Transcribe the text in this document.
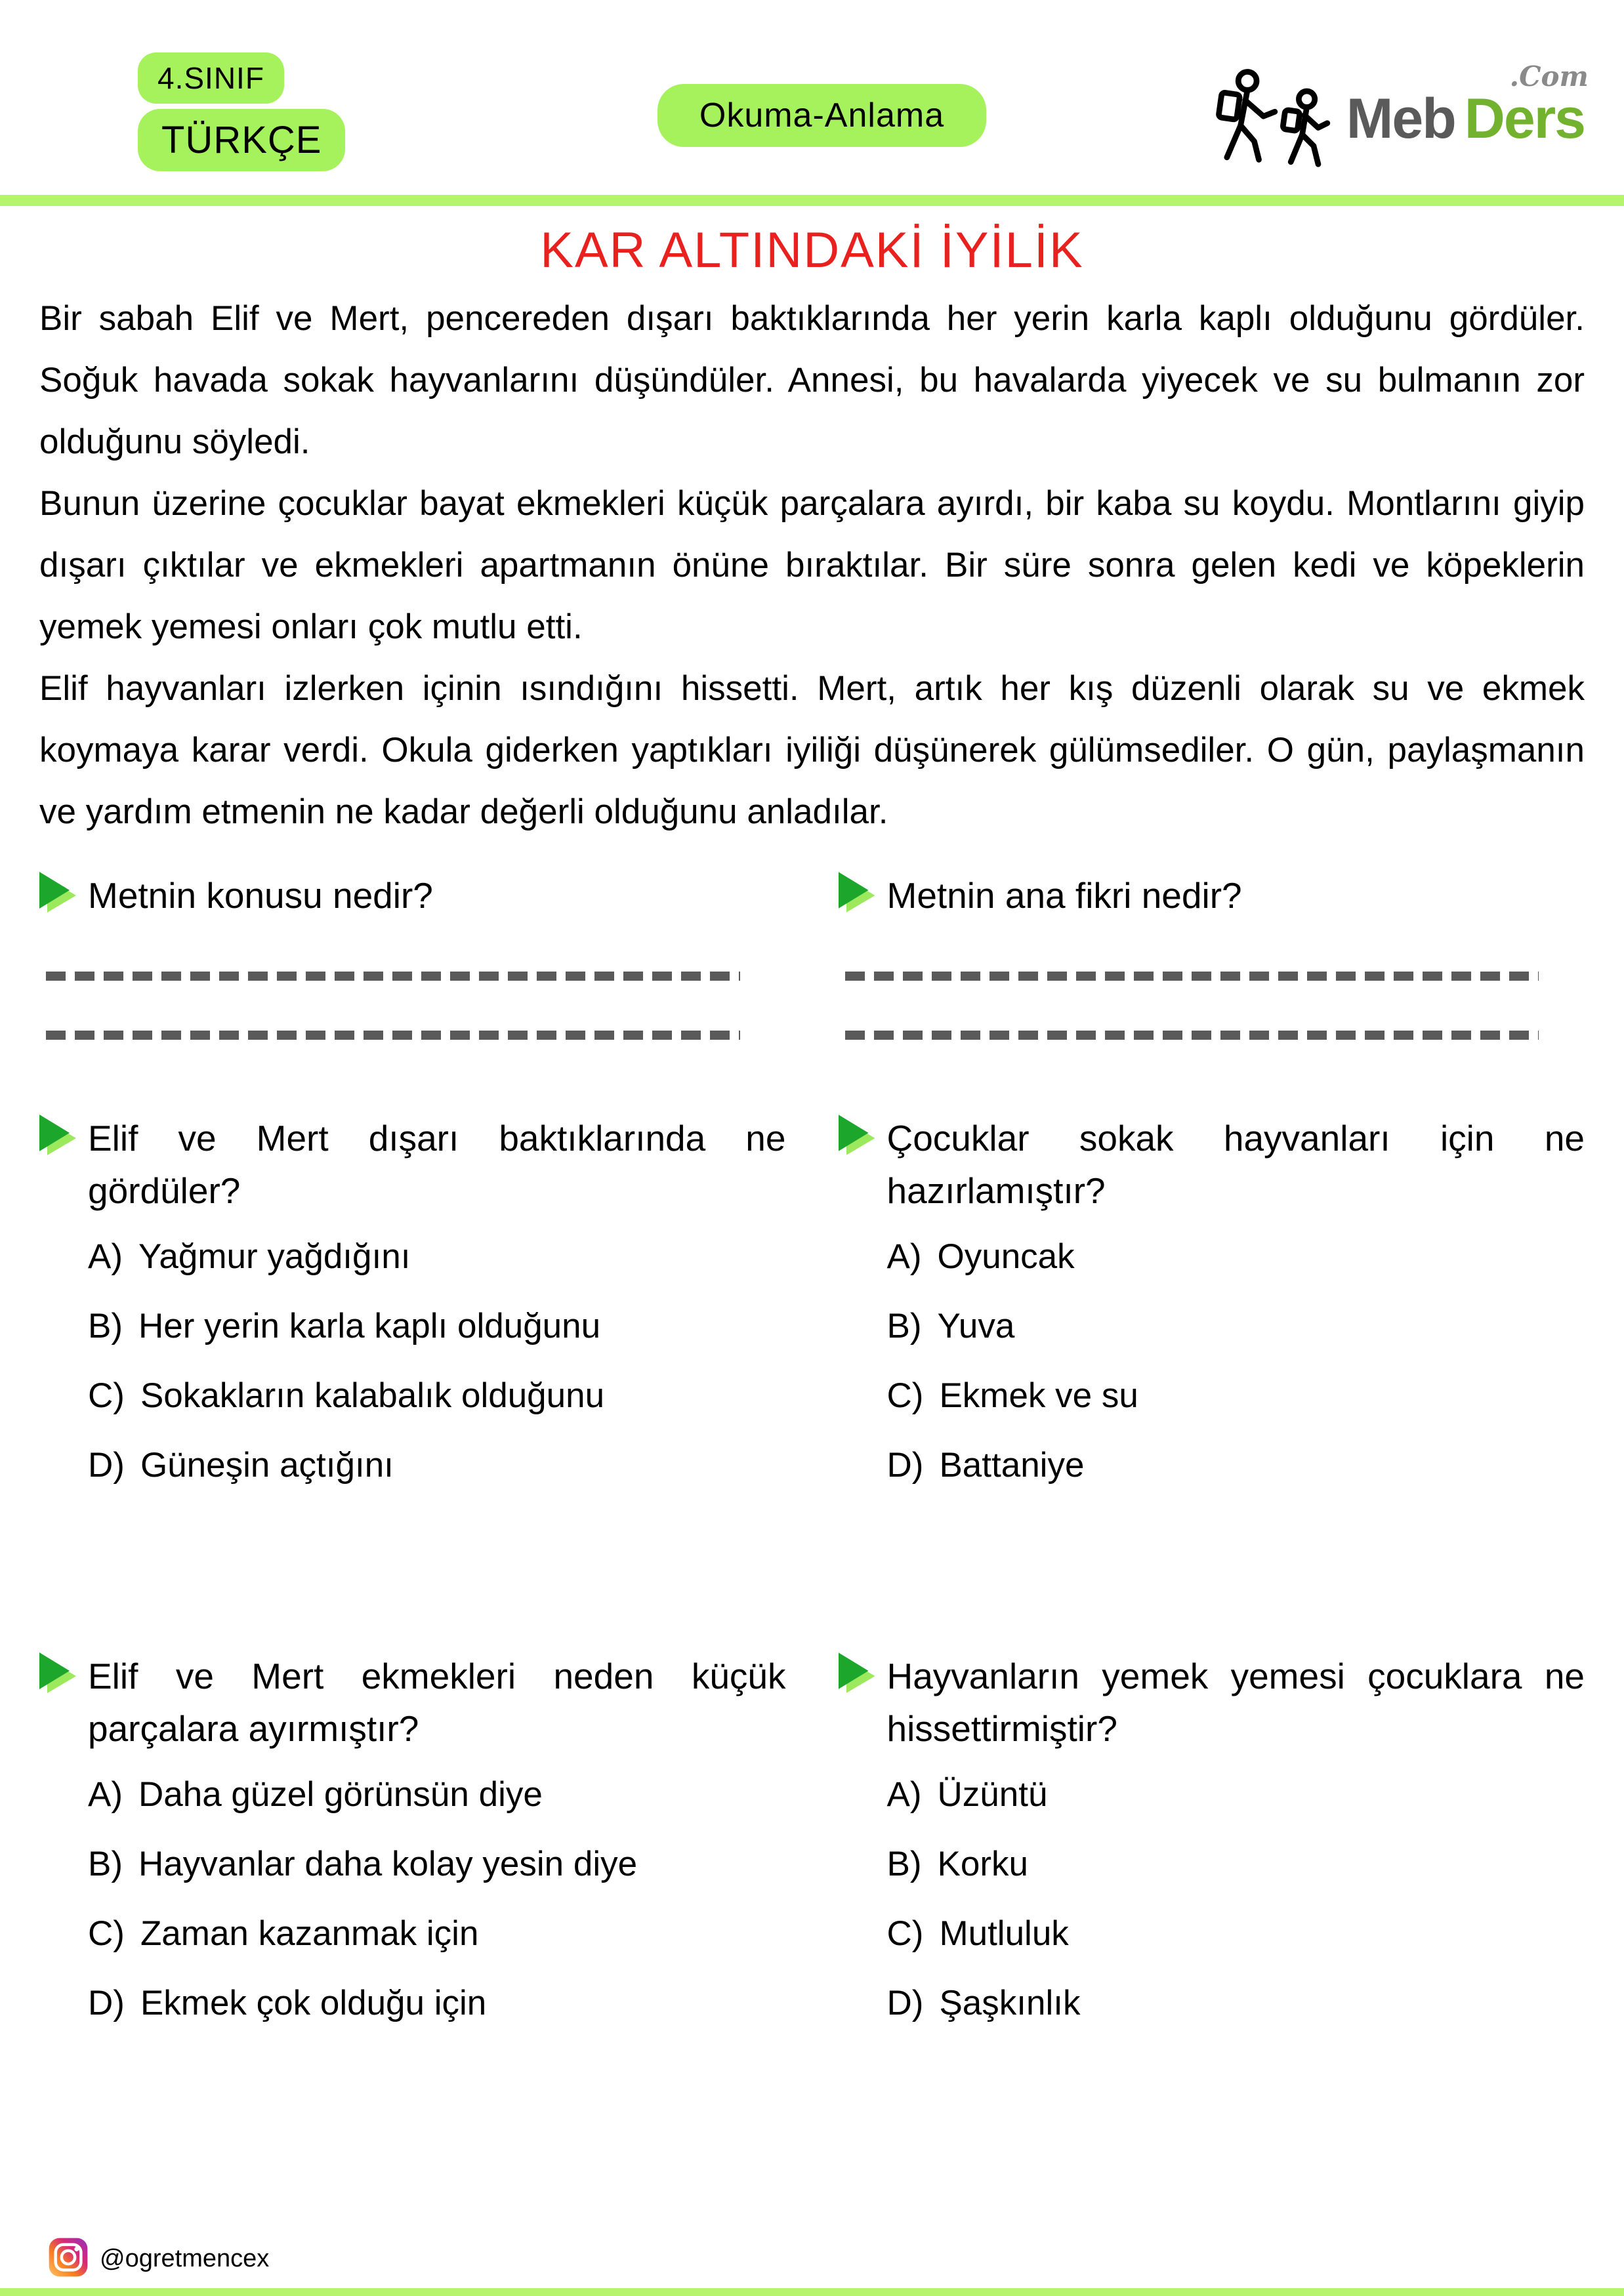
4.SINIF
TÜRKÇE
Okuma-Anlama	Meb Ders
.Com
KAR ALTINDAKİ İYİLİK

Bir sabah Elif ve Mert, pencereden dışarı baktıklarında her yerin karla kaplı olduğunu gördüler. Soğuk havada sokak hayvanlarını düşündüler. Annesi, bu havalarda yiyecek ve su bulmanın zor olduğunu söyledi.

Bunun üzerine çocuklar bayat ekmekleri küçük parçalara ayırdı, bir kaba su koydu. Montlarını giyip dışarı çıktılar ve ekmekleri apartmanın önüne bıraktılar. Bir süre sonra gelen kedi ve köpeklerin yemek yemesi onları çok mutlu etti.

Elif hayvanları izlerken içinin ısındığını hissetti. Mert, artık her kış düzenli olarak su ve ekmek koymaya karar verdi. Okula giderken yaptıkları iyiliği düşünerek gülümsediler. O gün, paylaşmanın ve yardım etmenin ne kadar değerli olduğunu anladılar.

Metnin konusu nedir?	Metnin ana fikri nedir?
Elif ve Mert dışarı baktıklarında ne gördüler?
A) Yağmur yağdığını
B) Her yerin karla kaplı olduğunu
C) Sokakların kalabalık olduğunu
D) Güneşin açtığını
Çocuklar sokak hayvanları için ne hazırlamıştır?
A) Oyuncak
B) Yuva
C) Ekmek ve su
D) Battaniye
Elif ve Mert ekmekleri neden küçük parçalara ayırmıştır?
A) Daha güzel görünsün diye
B) Hayvanlar daha kolay yesin diye
C) Zaman kazanmak için
D) Ekmek çok olduğu için
Hayvanların yemek yemesi çocuklara ne hissettirmiştir?
A) Üzüntü
B) Korku
C) Mutluluk
D) Şaşkınlık
@ogretmencex
